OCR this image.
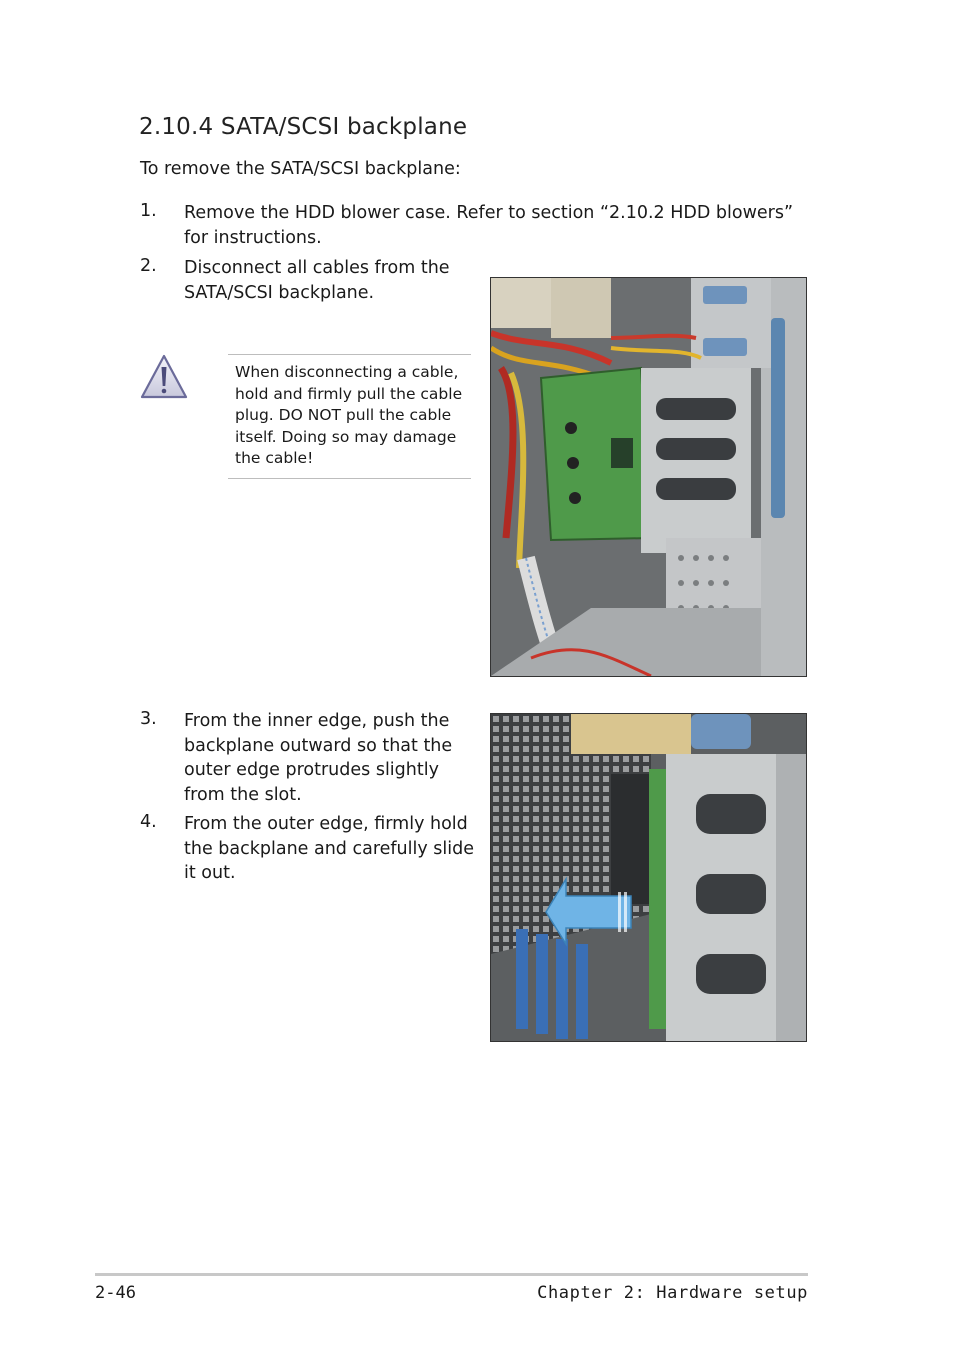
2.10.4 SATA/SCSI backplane
To remove the SATA/SCSI backplane:
1. Remove the HDD blower case. Refer to section “2.10.2 HDD blowers” for instructions.
2. Disconnect all cables from the SATA/SCSI backplane.
When disconnecting a cable, hold and firmly pull the cable plug. DO NOT pull the cable itself. Doing so may damage the cable!
3. From the inner edge, push the backplane outward so that the outer edge protrudes slightly from the slot.
4. From the outer edge, firmly hold the backplane and carefully slide it out.
2-46	Chapter 2: Hardware setup
